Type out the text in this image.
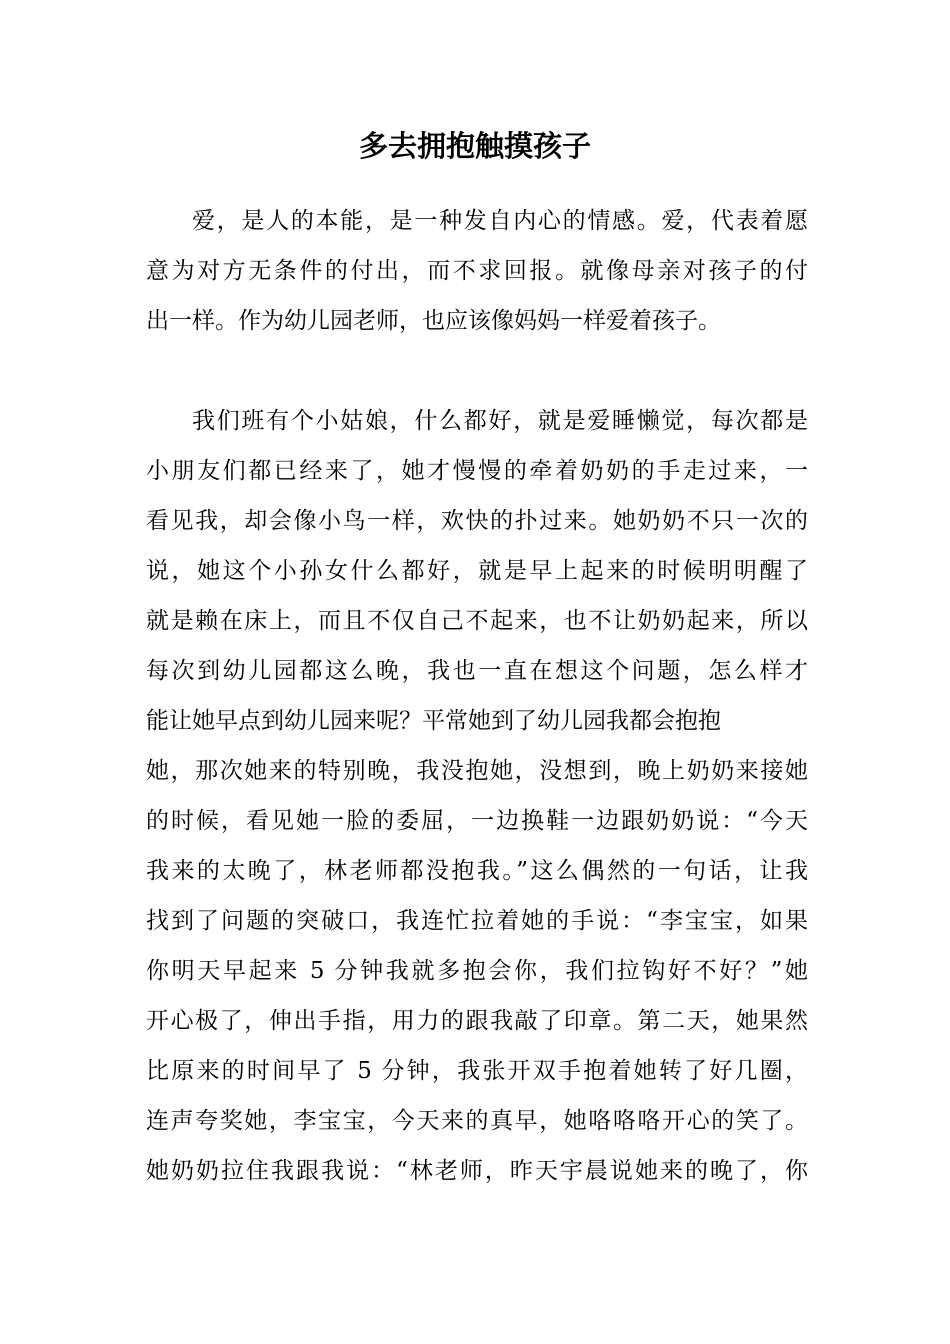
多去拥抱触摸孩子
爱，是人的本能，是一种发自内心的情感。爱，代表着愿
意为对方无条件的付出，而不求回报。就像母亲对孩子的付
出一样。作为幼儿园老师，也应该像妈妈一样爱着孩子。
我们班有个小姑娘，什么都好，就是爱睡懒觉，每次都是
小朋友们都已经来了，她才慢慢的牵着奶奶的手走过来，一
看见我，却会像小鸟一样，欢快的扑过来。她奶奶不只一次的
说，她这个小孙女什么都好，就是早上起来的时候明明醒了
就是赖在床上，而且不仅自己不起来，也不让奶奶起来，所以
每次到幼儿园都这么晚，我也一直在想这个问题，怎么样才
能让她早点到幼儿园来呢？平常她到了幼儿园我都会抱抱
她，那次她来的特别晚，我没抱她，没想到，晚上奶奶来接她
的时候，看见她一脸的委屈，一边换鞋一边跟奶奶说：“今天
我来的太晚了，林老师都没抱我。”这么偶然的一句话，让我
找到了问题的突破口，我连忙拉着她的手说：“李宝宝，如果
你明天早起来 5 分钟我就多抱会你，我们拉钩好不好？”她
开心极了，伸出手指，用力的跟我敲了印章。第二天，她果然
比原来的时间早了 5 分钟，我张开双手抱着她转了好几圈，
连声夸奖她，李宝宝，今天来的真早，她咯咯咯开心的笑了。
她奶奶拉住我跟我说：“林老师，昨天宇晨说她来的晚了，你
